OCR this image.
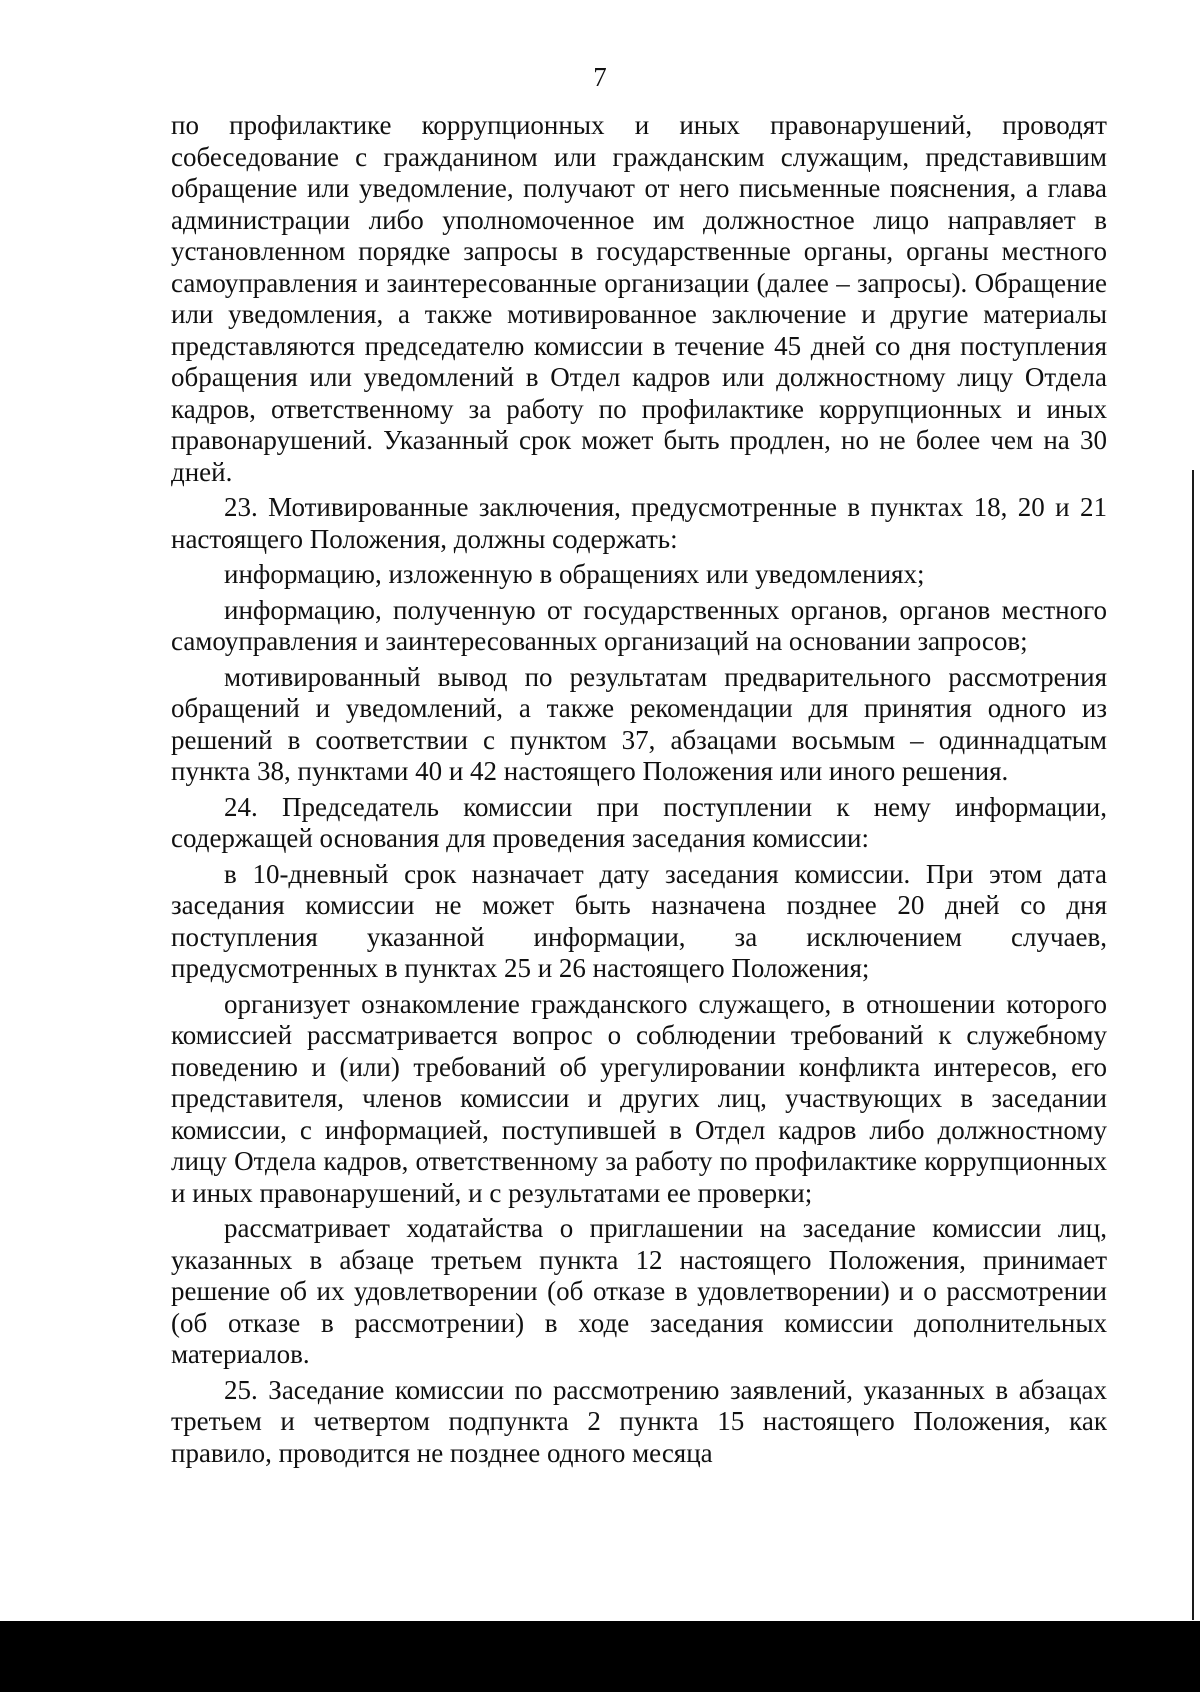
7

по профилактике коррупционных и иных правонарушений, проводят собеседование с гражданином или гражданским служащим, представившим обращение или уведомление, получают от него письменные пояснения, а глава администрации либо уполномоченное им должностное лицо направляет в установленном порядке запросы в государственные органы, органы местного самоуправления и заинтересованные организации (далее – запросы). Обращение или уведомления, а также мотивированное заключение и другие материалы представляются председателю комиссии в течение 45 дней со дня поступления обращения или уведомлений в Отдел кадров или должностному лицу Отдела кадров, ответственному за работу по профилактике коррупционных и иных правонарушений. Указанный срок может быть продлен, но не более чем на 30 дней.

23. Мотивированные заключения, предусмотренные в пунктах 18, 20 и 21 настоящего Положения, должны содержать:

информацию, изложенную в обращениях или уведомлениях;

информацию, полученную от государственных органов, органов местного самоуправления и заинтересованных организаций на основании запросов;

мотивированный вывод по результатам предварительного рассмотрения обращений и уведомлений, а также рекомендации для принятия одного из решений в соответствии с пунктом 37, абзацами восьмым – одиннадцатым пункта 38, пунктами 40 и 42 настоящего Положения или иного решения.

24. Председатель комиссии при поступлении к нему информации, содержащей основания для проведения заседания комиссии:

в 10-дневный срок назначает дату заседания комиссии. При этом дата заседания комиссии не может быть назначена позднее 20 дней со дня поступления указанной информации, за исключением случаев, предусмотренных в пунктах 25 и 26 настоящего Положения;

организует ознакомление гражданского служащего, в отношении которого комиссией рассматривается вопрос о соблюдении требований к служебному поведению и (или) требований об урегулировании конфликта интересов, его представителя, членов комиссии и других лиц, участвующих в заседании комиссии, с информацией, поступившей в Отдел кадров либо должностному лицу Отдела кадров, ответственному за работу по профилактике коррупционных и иных правонарушений, и с результатами ее проверки;

рассматривает ходатайства о приглашении на заседание комиссии лиц, указанных в абзаце третьем пункта 12 настоящего Положения, принимает решение об их удовлетворении (об отказе в удовлетворении) и о рассмотрении (об отказе в рассмотрении) в ходе заседания комиссии дополнительных материалов.

25. Заседание комиссии по рассмотрению заявлений, указанных в абзацах третьем и четвертом подпункта 2 пункта 15 настоящего Положения, как правило, проводится не позднее одного месяца
